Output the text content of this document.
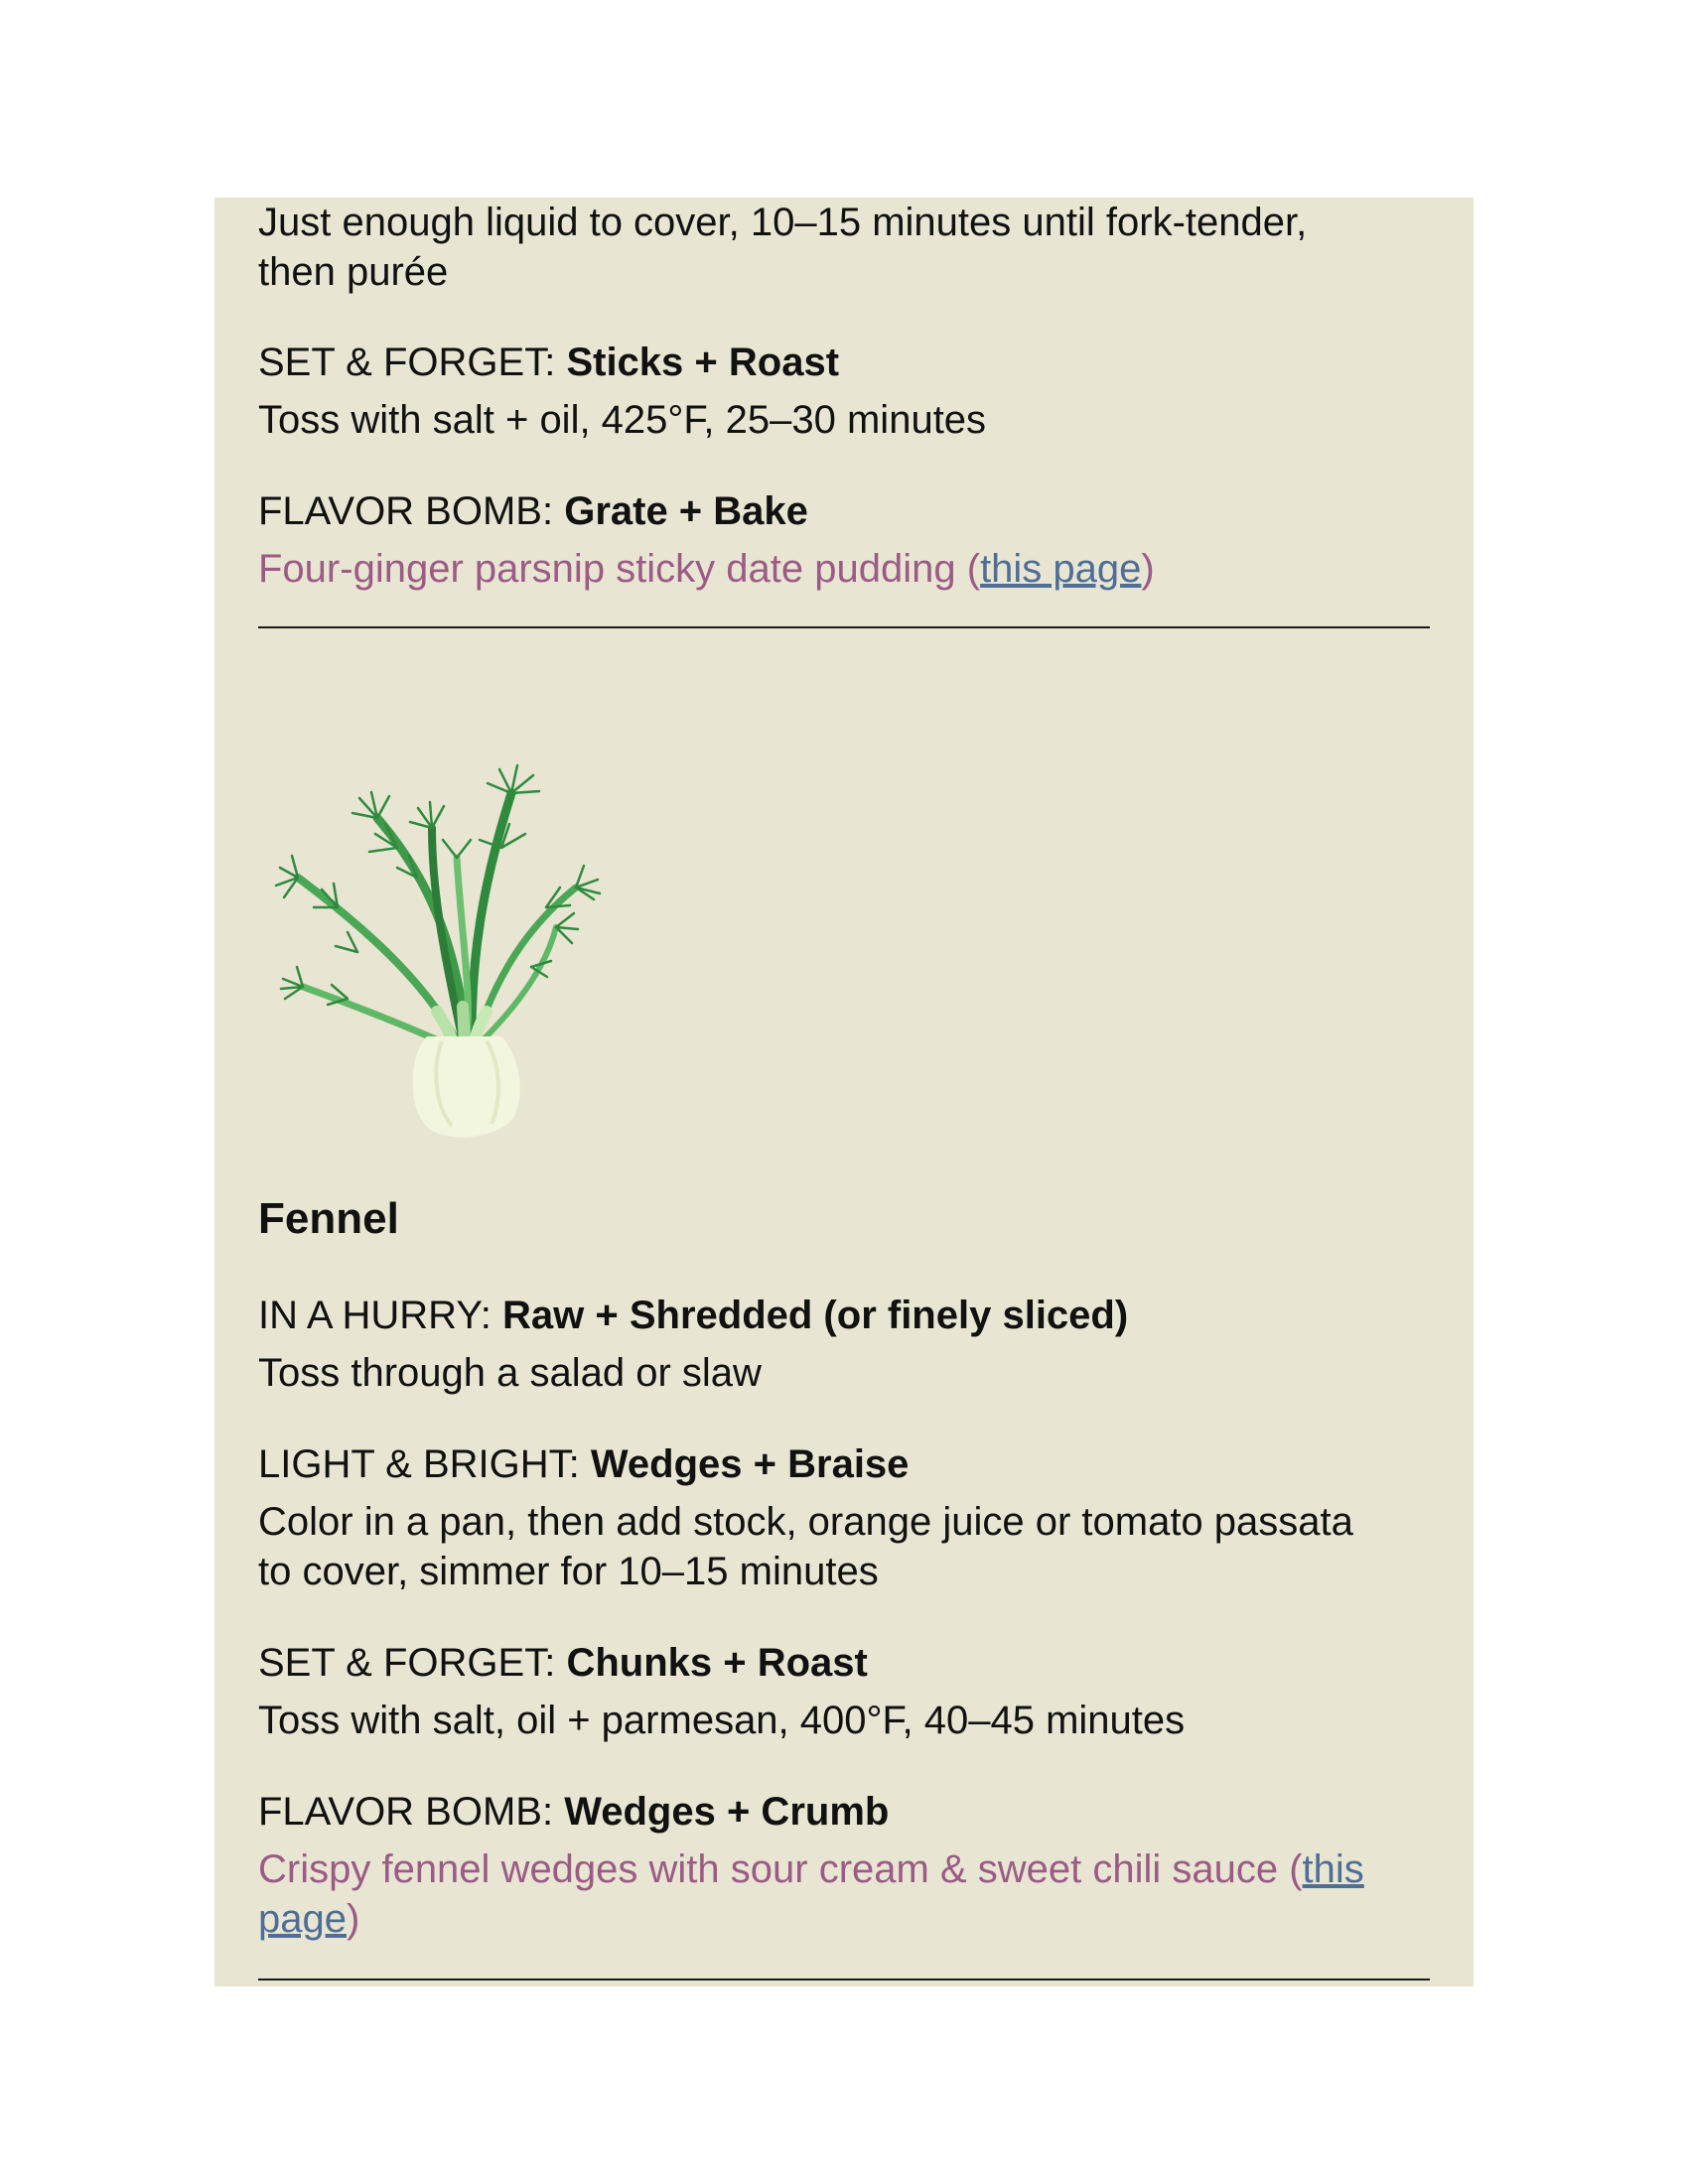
Just enough liquid to cover, 10–15 minutes until fork-tender,

then purée

SET & FORGET: Sticks + Roast

Toss with salt + oil, 425°F, 25–30 minutes

FLAVOR BOMB: Grate + Bake

Four-ginger parsnip sticky date pudding (this page)

Fennel

IN A HURRY: Raw + Shredded (or finely sliced)

Toss through a salad or slaw

LIGHT & BRIGHT: Wedges + Braise

Color in a pan, then add stock, orange juice or tomato passata

to cover, simmer for 10–15 minutes

SET & FORGET: Chunks + Roast

Toss with salt, oil + parmesan, 400°F, 40–45 minutes

FLAVOR BOMB: Wedges + Crumb

Crispy fennel wedges with sour cream & sweet chili sauce (this

page)
